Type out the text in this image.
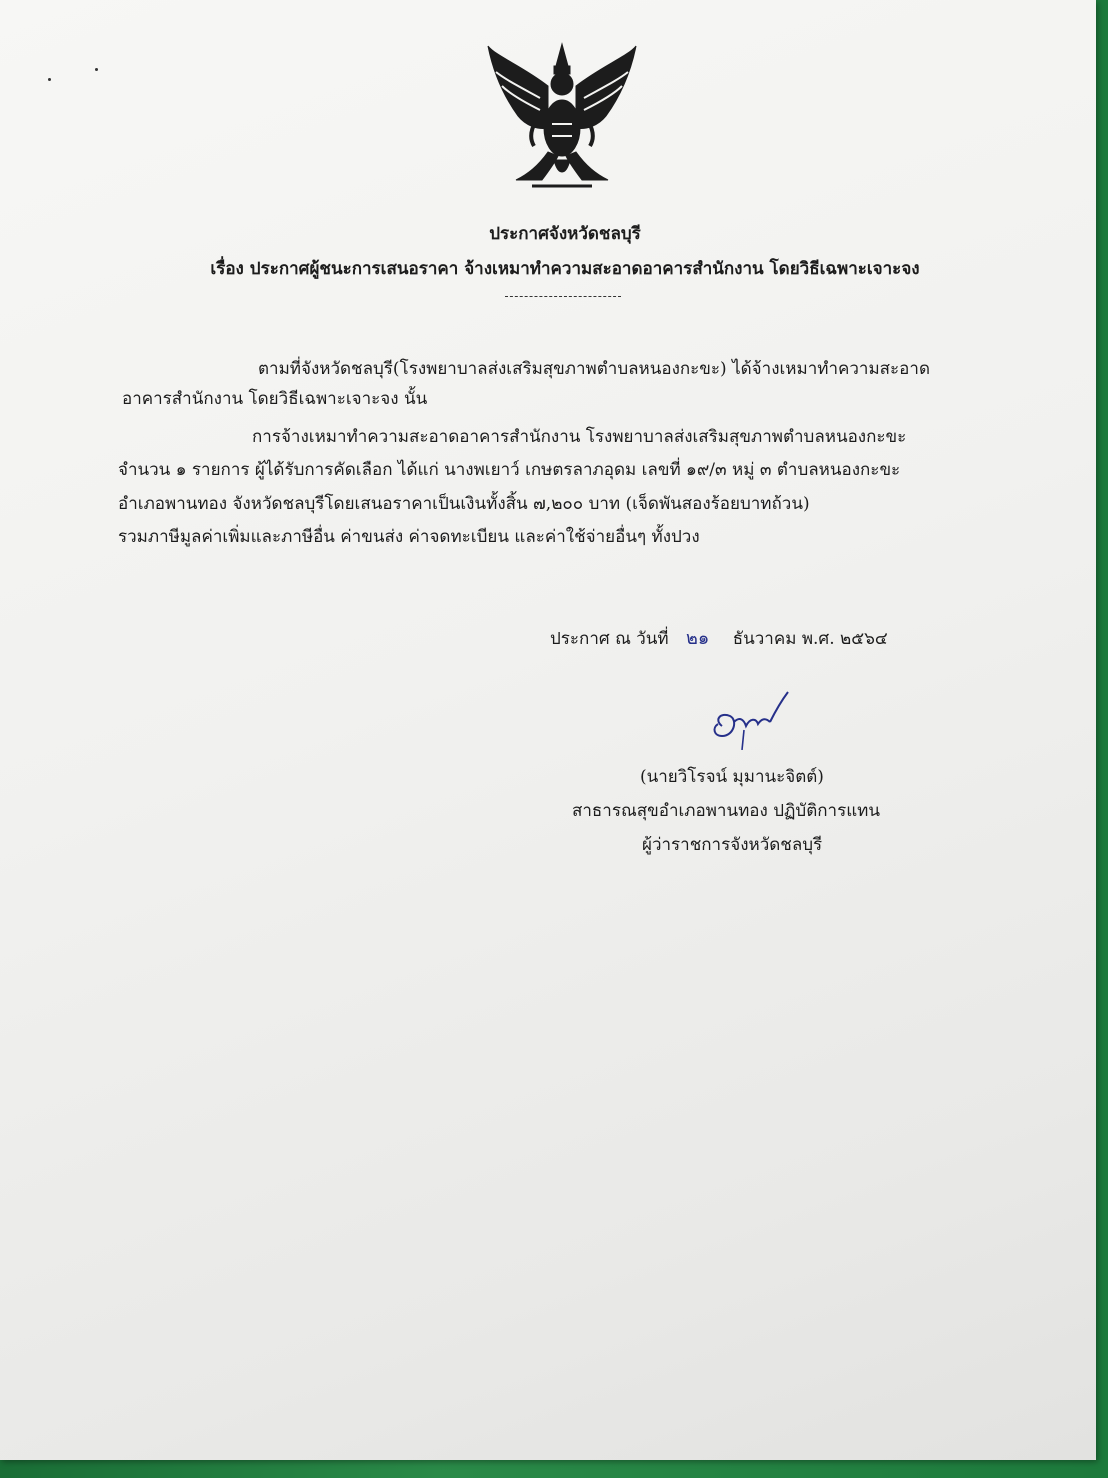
ประกาศจังหวัดชลบุรี
เรื่อง ประกาศผู้ชนะการเสนอราคา จ้างเหมาทำความสะอาดอาคารสำนักงาน โดยวิธีเฉพาะเจาะจง
ตามที่จังหวัดชลบุรี(โรงพยาบาลส่งเสริมสุขภาพตำบลหนองกะขะ) ได้จ้างเหมาทำความสะอาด
อาคารสำนักงาน โดยวิธีเฉพาะเจาะจง นั้น
การจ้างเหมาทำความสะอาดอาคารสำนักงาน โรงพยาบาลส่งเสริมสุขภาพตำบลหนองกะขะ
จำนวน ๑ รายการ ผู้ได้รับการคัดเลือก ได้แก่ นางพเยาว์ เกษตรลาภอุดม เลขที่ ๑๙/๓ หมู่ ๓ ตำบลหนองกะขะ
อำเภอพานทอง จังหวัดชลบุรีโดยเสนอราคาเป็นเงินทั้งสิ้น ๗,๒๐๐ บาท (เจ็ดพันสองร้อยบาทถ้วน)
รวมภาษีมูลค่าเพิ่มและภาษีอื่น ค่าขนส่ง ค่าจดทะเบียน และค่าใช้จ่ายอื่นๆ ทั้งปวง
ประกาศ ณ วันที่ ๒๑ ธันวาคม พ.ศ. ๒๕๖๔
(นายวิโรจน์ มุมานะจิตต์)
สาธารณสุขอำเภอพานทอง ปฏิบัติการแทน
ผู้ว่าราชการจังหวัดชลบุรี
